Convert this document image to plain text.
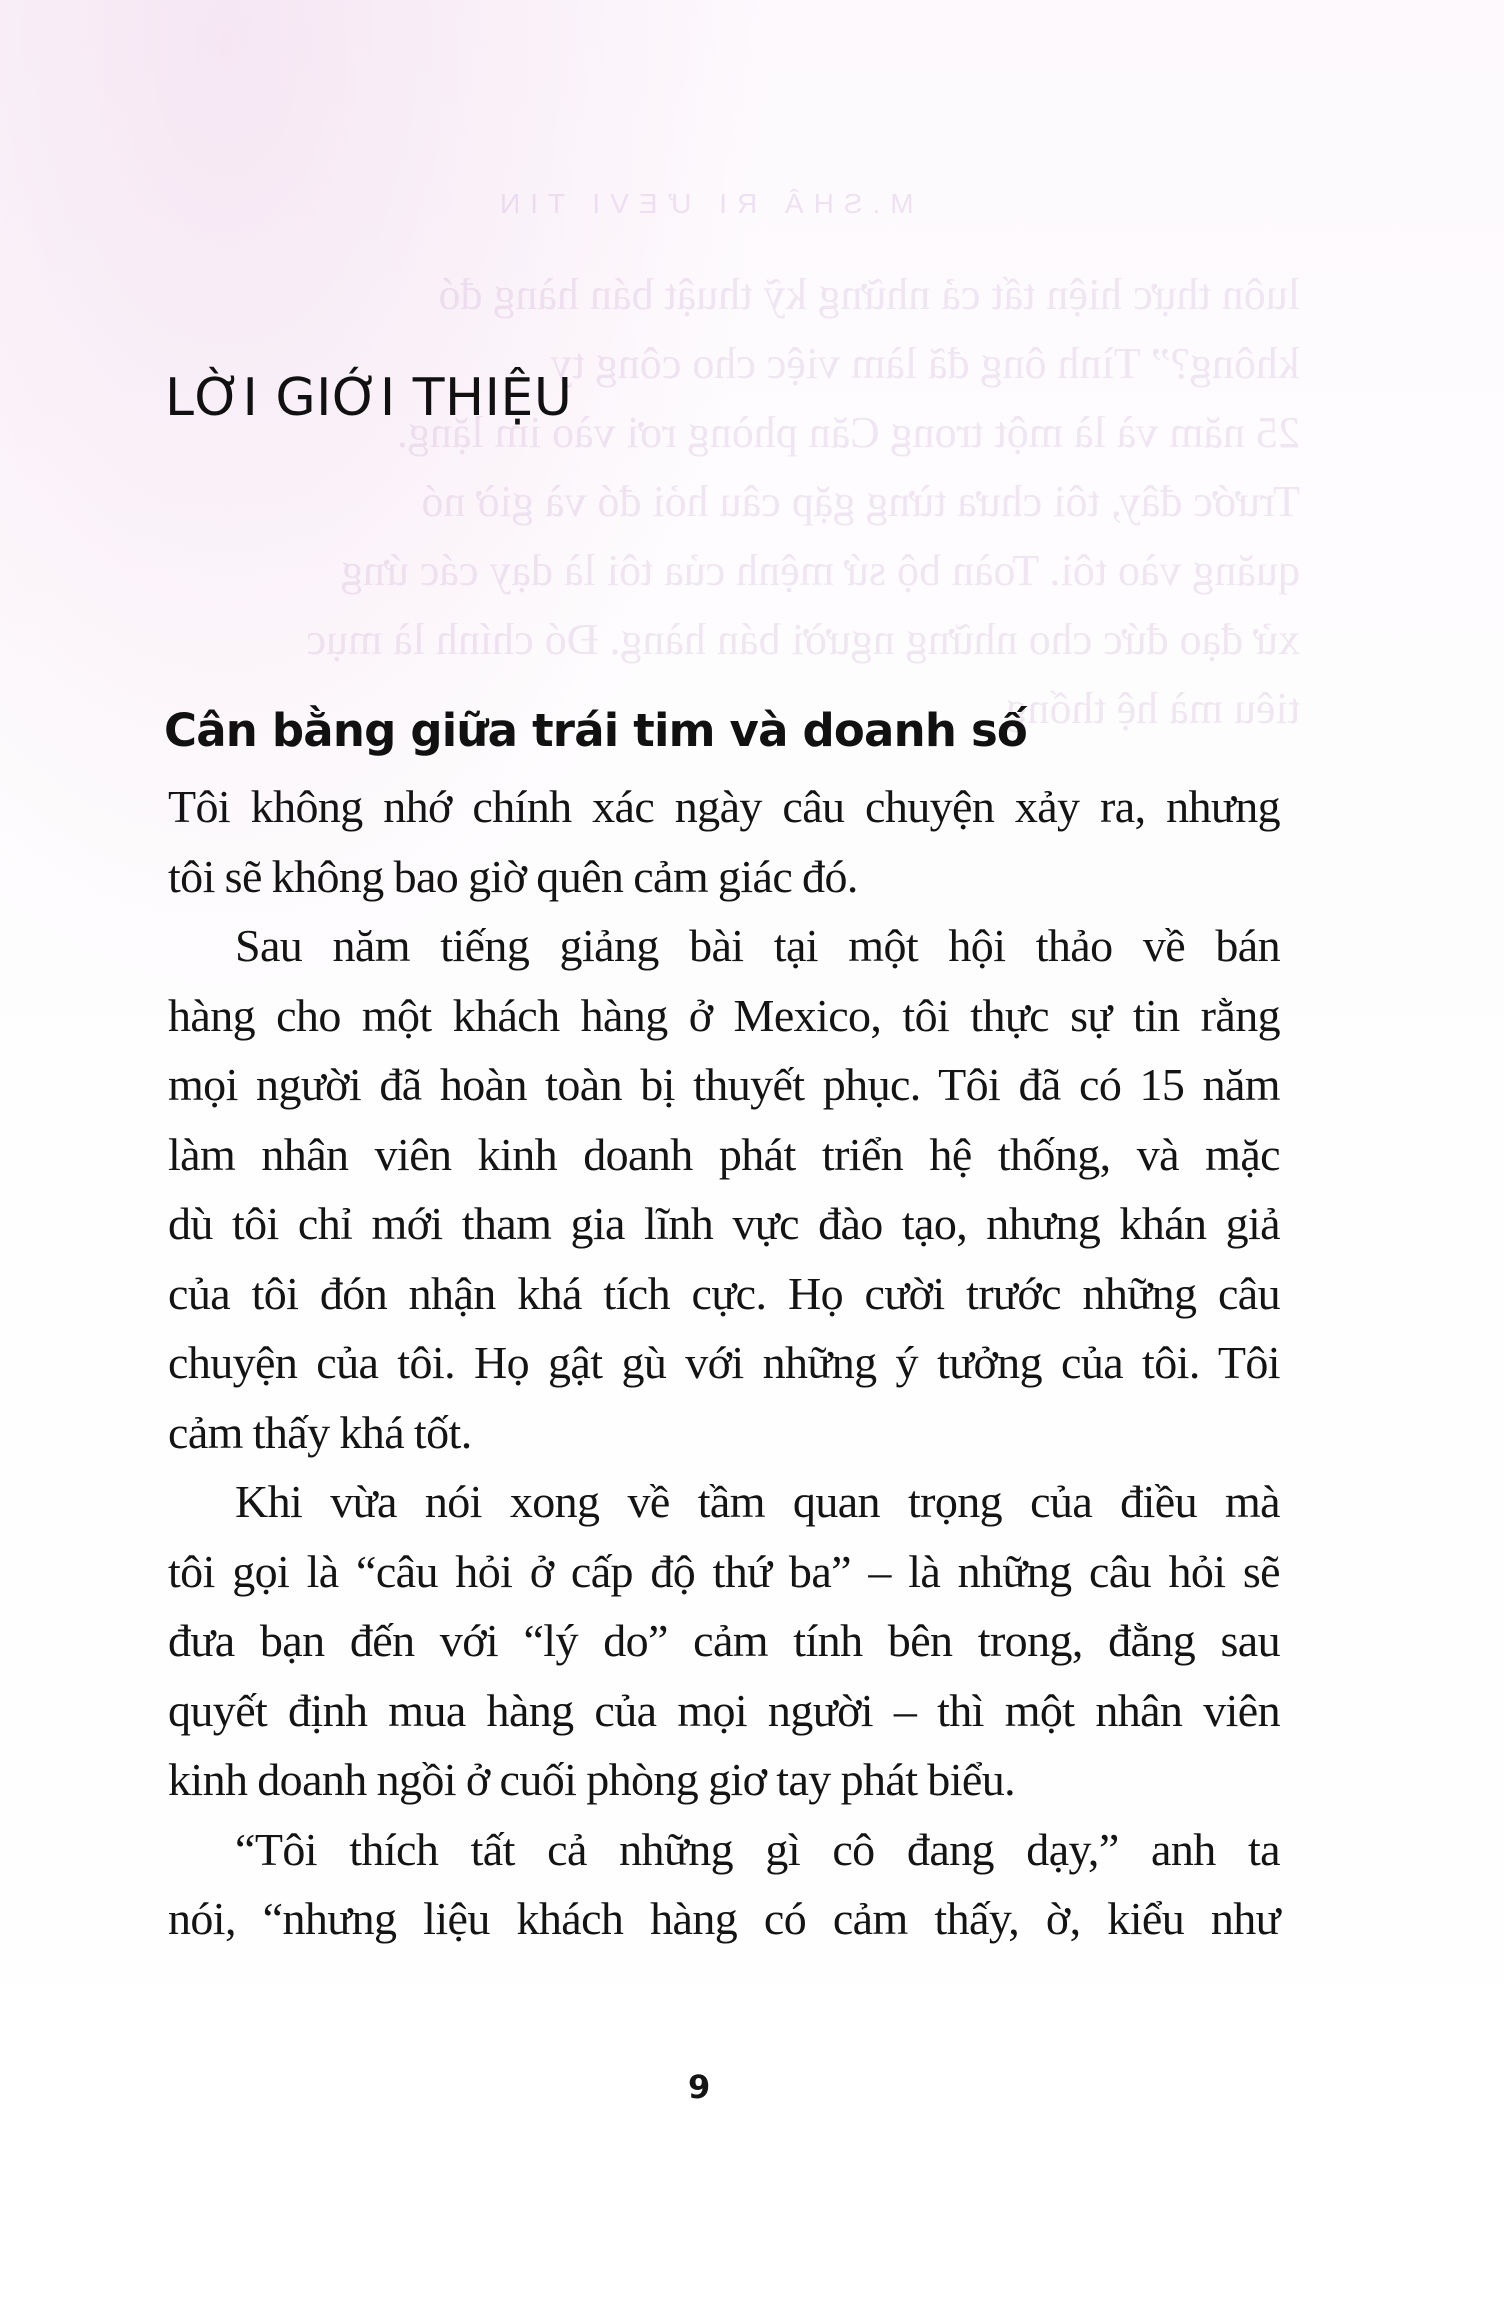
M.SHÂ RI ƯEVI TIN
luôn thực hiện tất cả những kỹ thuật bán hàng đó
không?” Tình ông đã làm việc cho công ty
25 năm và là một trong Căn phòng rơi vào im lặng.
Trước đây, tôi chưa từng gặp câu hỏi đó và giờ nó
quăng vào tôi. Toàn bộ sứ mệnh của tôi là dạy các ứng
xử đạo đức cho những người bán hàng. Đó chính là mục
tiêu mà hệ thống
LỜI GIỚI THIỆU
Cân bằng giữa trái tim và doanh số
Tôi không nhớ chính xác ngày câu chuyện xảy ra, nhưng
tôi sẽ không bao giờ quên cảm giác đó.
Sau năm tiếng giảng bài tại một hội thảo về bán
hàng cho một khách hàng ở Mexico, tôi thực sự tin rằng
mọi người đã hoàn toàn bị thuyết phục. Tôi đã có 15 năm
làm nhân viên kinh doanh phát triển hệ thống, và mặc
dù tôi chỉ mới tham gia lĩnh vực đào tạo, nhưng khán giả
của tôi đón nhận khá tích cực. Họ cười trước những câu
chuyện của tôi. Họ gật gù với những ý tưởng của tôi. Tôi
cảm thấy khá tốt.
Khi vừa nói xong về tầm quan trọng của điều mà
tôi gọi là “câu hỏi ở cấp độ thứ ba” – là những câu hỏi sẽ
đưa bạn đến với “lý do” cảm tính bên trong, đằng sau
quyết định mua hàng của mọi người – thì một nhân viên
kinh doanh ngồi ở cuối phòng giơ tay phát biểu.
“Tôi thích tất cả những gì cô đang dạy,” anh ta
nói, “nhưng liệu khách hàng có cảm thấy, ờ, kiểu như
9
